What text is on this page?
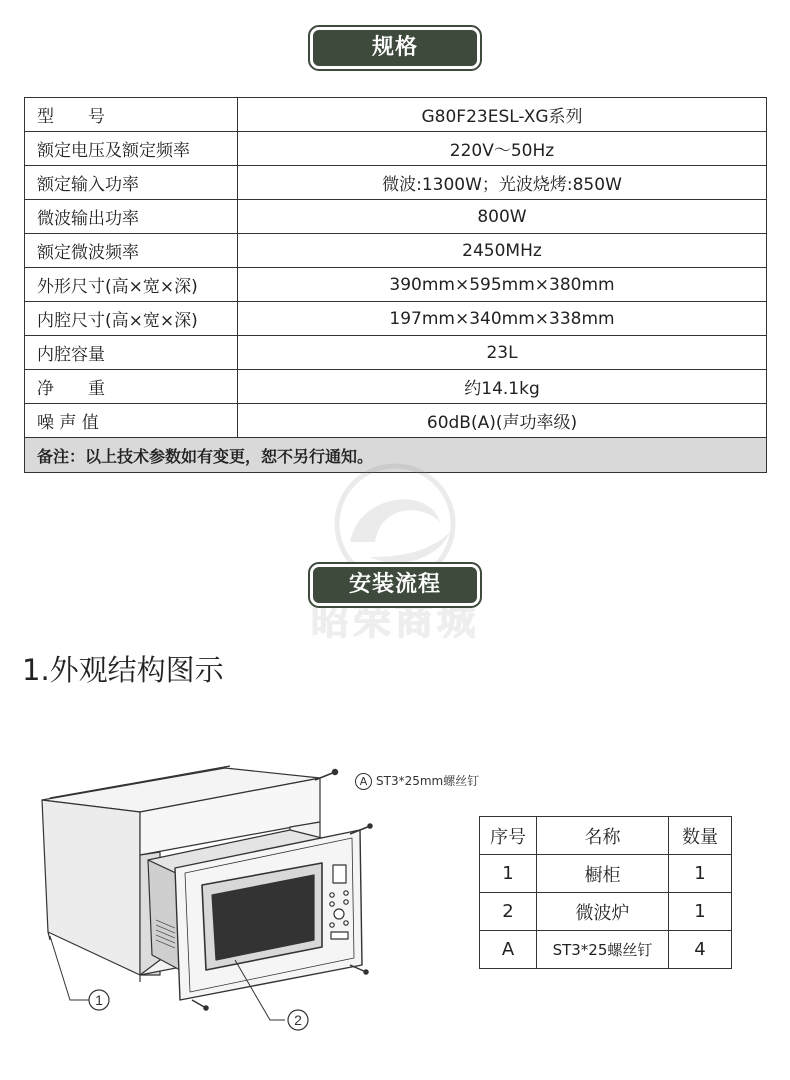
规格
型　　号	G80F23ESL-XG系列
额定电压及额定频率	220V～50Hz
额定输入功率	微波:1300W；光波烧烤:850W
微波输出功率	800W
额定微波频率	2450MHz
外形尺寸(高×宽×深)	390mm×595mm×380mm
内腔尺寸(高×宽×深)	197mm×340mm×338mm
内腔容量	23L
净　　重	约14.1kg
噪 声 值	60dB(A)(声功率级)
备注：以上技术参数如有变更，恕不另行通知。	
昭荣商城
安装流程
1.外观结构图示
1
2
A ST3*25mm螺丝钉
序号	名称	数量
1	橱柜	1
2	微波炉	1
A	ST3*25螺丝钉	4
